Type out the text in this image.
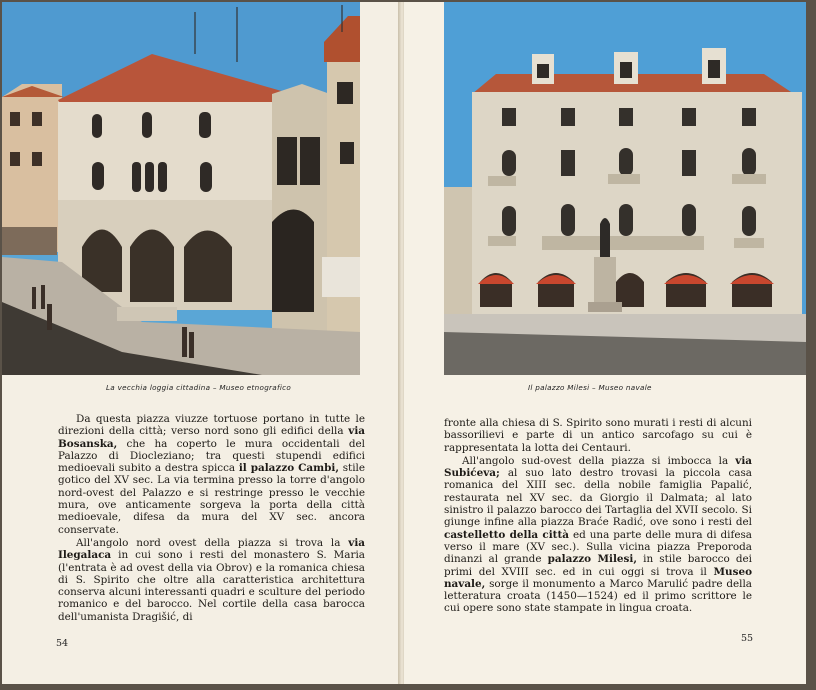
La vecchia loggia cittadina – Museo etnografico

Da questa piazza viuzze tortuose portano in tutte le direzioni della città; verso nord sono gli edifici della via Bosanska, che ha coperto le mura occidentali del Palazzo di Diocleziano; tra questi stupendi edifici medioevali subito a destra spicca il palazzo Cambi, stile gotico del XV sec. La via termina presso la torre d'angolo nord-ovest del Palazzo e si restringe presso le vecchie mura, ove anticamente sorgeva la porta della città medioevale, difesa da mura del XV sec. ancora conservate.

All'angolo nord ovest della piazza si trova la via Ilegalaca in cui sono i resti del monastero S. Maria (l'entrata è ad ovest della via Obrov) e la romanica chiesa di S. Spirito che oltre alla caratteristica architettura conserva alcuni interessanti quadri e sculture del periodo romanico e del barocco. Nel cortile della casa barocca dell'umanista Dragišić, di

54
Il palazzo Milesi – Museo navale

fronte alla chiesa di S. Spirito sono murati i resti di alcuni bassorilievi e parte di un antico sarcofago su cui è rappresentata la lotta dei Centauri.

All'angolo sud-ovest della piazza si imbocca la via Subićeva; al suo lato destro trovasi la piccola casa romanica del XIII sec. della nobile famiglia Papalić, restaurata nel XV sec. da Giorgio il Dalmata; al lato sinistro il palazzo barocco dei Tartaglia del XVII secolo. Si giunge infine alla piazza Braće Radić, ove sono i resti del castelletto della città ed una parte delle mura di difesa verso il mare (XV sec.). Sulla vicina piazza Preporoda dinanzi al grande palazzo Milesi, in stile barocco dei primi del XVIII sec. ed in cui oggi si trova il Museo navale, sorge il monumento a Marco Marulić padre della letteratura croata (1450—1524) ed il primo scrittore le cui opere sono state stampate in lingua croata.

55
